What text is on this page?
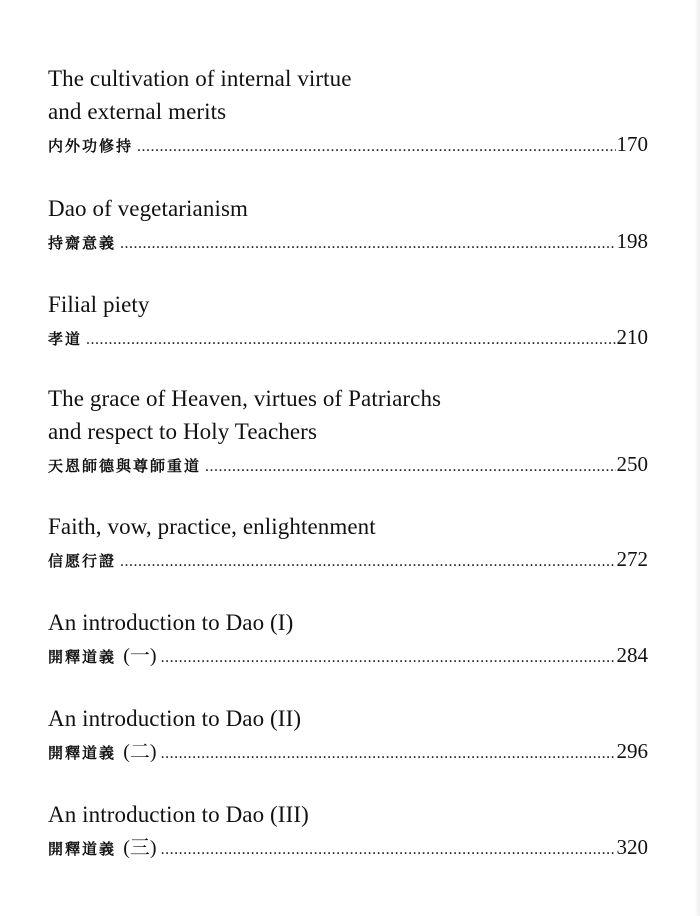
The cultivation of internal virtue
and external merits
内外功修持 .....	170
Dao of vegetarianism
持齋意義 .....	198
Filial piety
孝道 .....	210
The grace of Heaven, virtues of Patriarchs
and respect to Holy Teachers
天恩師德與尊師重道 .....	250
Faith, vow, practice, enlightenment
信愿行證 .....	272
An introduction to Dao (I)
開釋道義 (一) .....	284
An introduction to Dao (II)
開釋道義 (二) .....	296
An introduction to Dao (III)
開釋道義 (三) .....	320
